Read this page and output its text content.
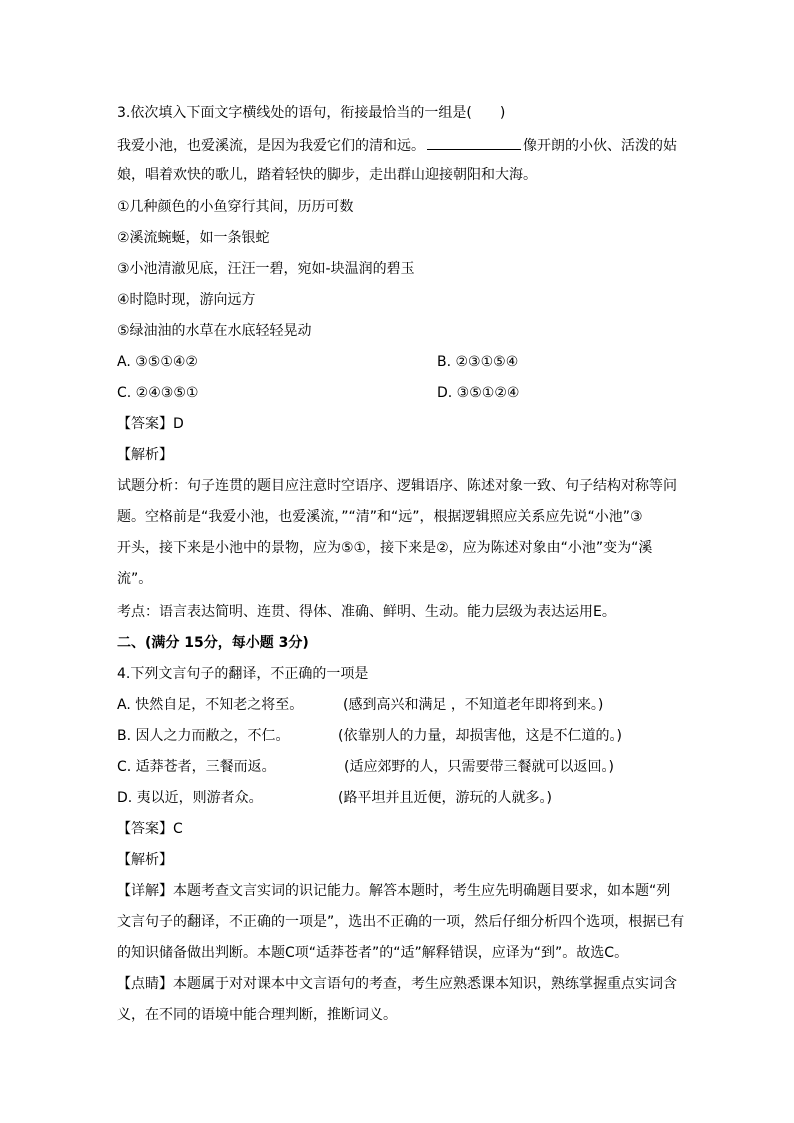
3.依次填入下面文字横线处的语句，衔接最恰当的一组是(　　)
我爱小池，也爱溪流，是因为我爱它们的清和远。	像开朗的小伙、活泼的姑
娘，唱着欢快的歌儿，踏着轻快的脚步，走出群山迎接朝阳和大海。
①几种颜色的小鱼穿行其间，历历可数
②溪流蜿蜒，如一条银蛇
③小池清澈见底，汪汪一碧，宛如-块温润的碧玉
④时隐时现，游向远方
⑤绿油油的水草在水底轻轻晃动
A. ③⑤①④②	B. ②③①⑤④
C. ②④③⑤①	D. ③⑤①②④
【答案】D
【解析】
试题分析：句子连贯的题目应注意时空语序、逻辑语序、陈述对象一致、句子结构对称等问
题。空格前是“我爱小池，也爱溪流，”“清”和“远”，根据逻辑照应关系应先说“小池”③
开头，接下来是小池中的景物，应为⑤①，接下来是②，应为陈述对象由“小池”变为“溪
流”。
考点：语言表达简明、连贯、得体、准确、鲜明、生动。能力层级为表达运用E。
二、(满分 15分，每小题 3分)
4.下列文言句子的翻译，不正确的一项是
A. 快然自足，不知老之将至。	(感到高兴和满足 ，不知道老年即将到来。)
B. 因人之力而敝之，不仁。	(依靠别人的力量，却损害他，这是不仁道的。)
C. 适莽苍者，三餐而返。	(适应郊野的人，只需要带三餐就可以返回。)
D. 夷以近，则游者众。	(路平坦并且近便，游玩的人就多。)
【答案】C
【解析】
【详解】本题考查文言实词的识记能力。解答本题时，考生应先明确题目要求，如本题“列
文言句子的翻译，不正确的一项是”，选出不正确的一项，然后仔细分析四个选项，根据已有
的知识储备做出判断。本题C项“适莽苍者”的“适”解释错误，应译为“到”。故选C。
【点睛】本题属于对对课本中文言语句的考查，考生应熟悉课本知识，熟练掌握重点实词含
义，在不同的语境中能合理判断，推断词义。
